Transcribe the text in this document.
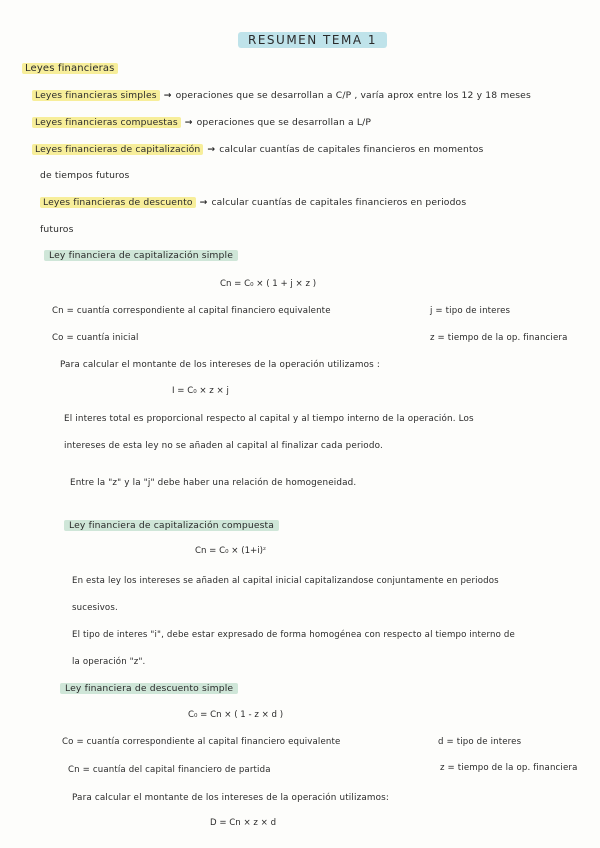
RESUMEN TEMA 1
Leyes financieras
Leyes financieras simples → operaciones que se desarrollan a C/P , varía aprox entre los 12 y 18 meses
Leyes financieras compuestas → operaciones que se desarrollan a L/P
Leyes financieras de capitalización → calcular cuantías de capitales financieros en momentos
de tiempos futuros
Leyes financieras de descuento → calcular cuantías de capitales financieros en periodos
futuros
Ley financiera de capitalización simple
Cn = C₀ × ( 1 + j × z )
Cn = cuantía correspondiente al capital financiero equivalente	j = tipo de interes
Co = cuantía inicial	z = tiempo de la op. financiera
Para calcular el montante de los intereses de la operación utilizamos :
I = C₀ × z × j
El interes total es proporcional respecto al capital y al tiempo interno de la operación. Los
intereses de esta ley no se añaden al capital al finalizar cada periodo.
Entre la "z" y la "j" debe haber una relación de homogeneidad.
Ley financiera de capitalización compuesta
Cn = C₀ × (1+i)ᶻ
En esta ley los intereses se añaden al capital inicial capitalizandose conjuntamente en periodos
sucesivos.
El tipo de interes "i", debe estar expresado de forma homogénea con respecto al tiempo interno de
la operación "z".
Ley financiera de descuento simple
C₀ = Cn × ( 1 - z × d )
Co = cuantía correspondiente al capital financiero equivalente	d = tipo de interes
Cn = cuantía del capital financiero de partida	z = tiempo de la op. financiera
Para calcular el montante de los intereses de la operación utilizamos:
D = Cn × z × d
